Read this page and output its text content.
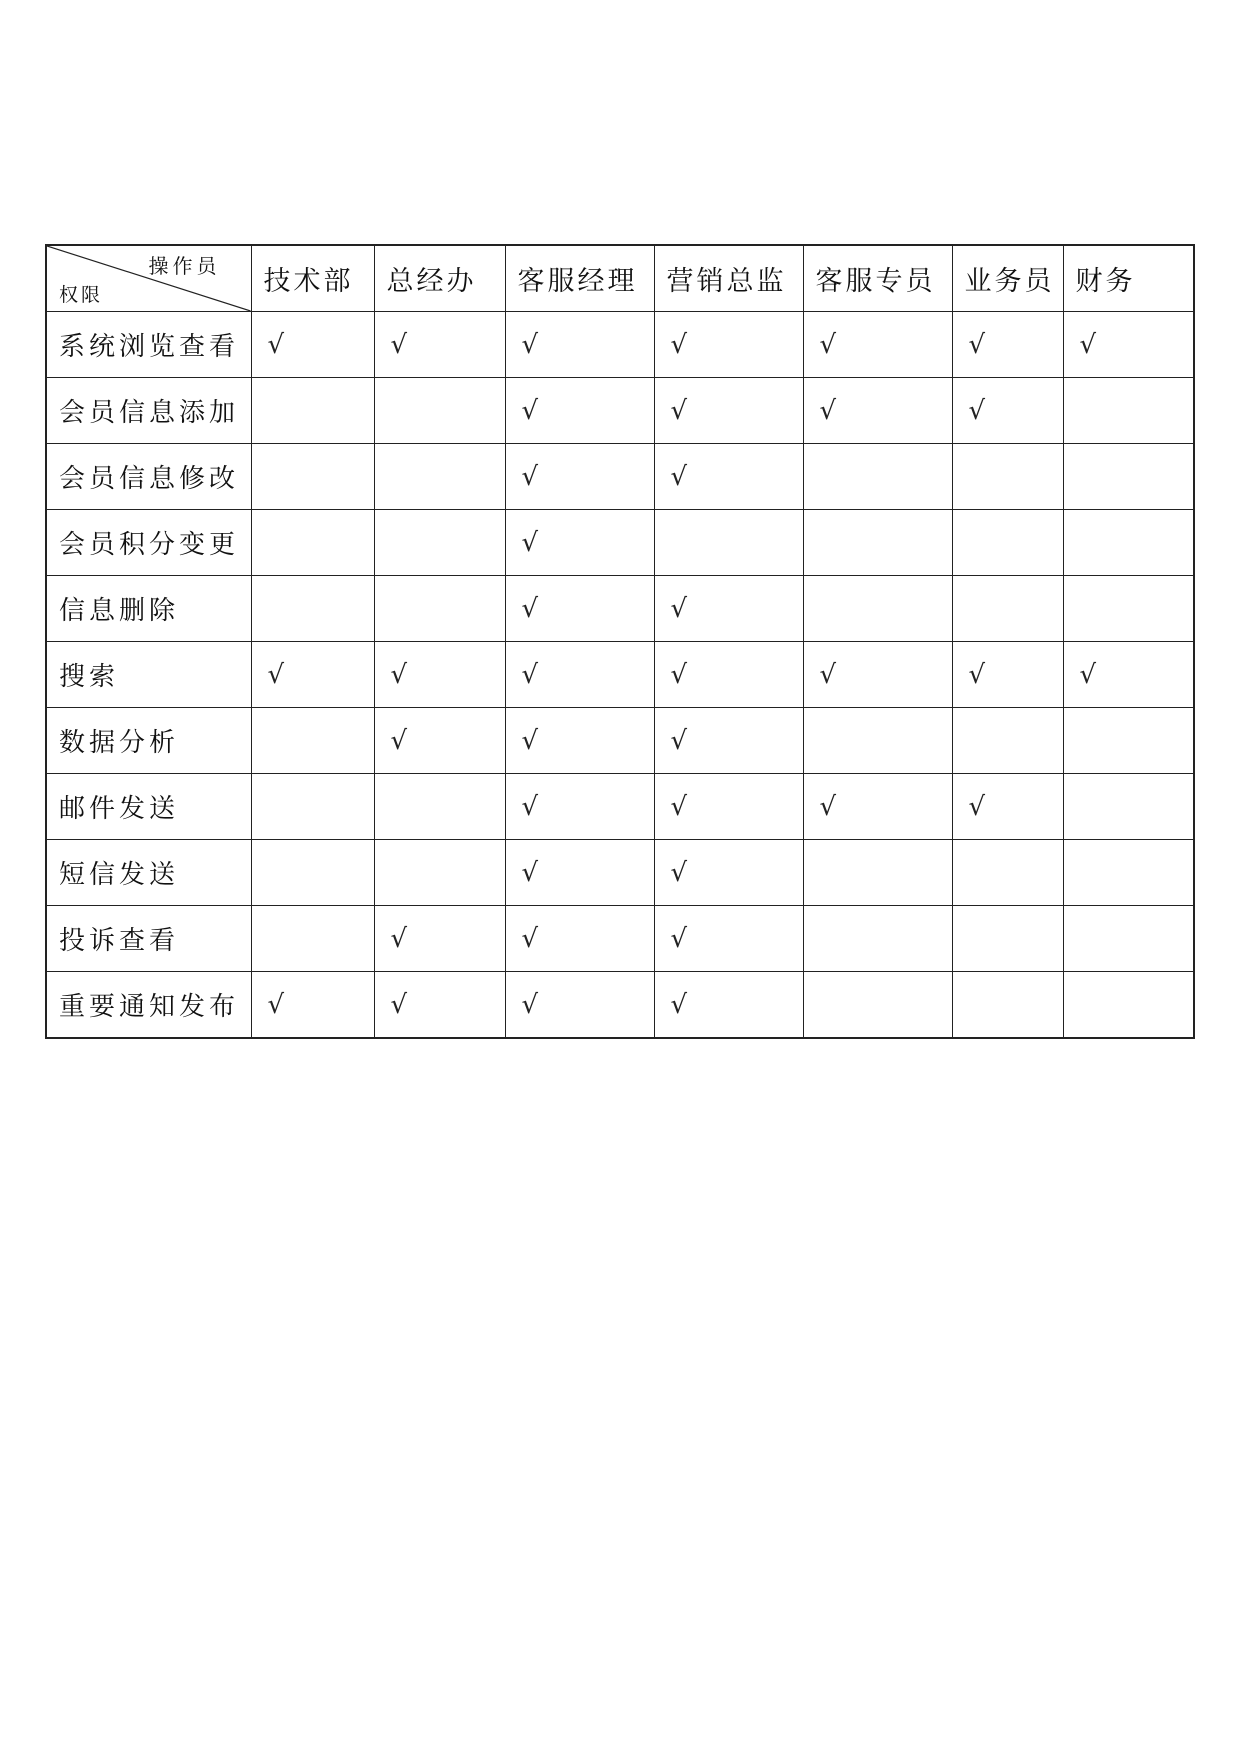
操作员
权限	技术部	总经办	客服经理	营销总监	客服专员	业务员	财务
系统浏览查看	√	√	√	√	√	√	√
会员信息添加			√	√	√	√	
会员信息修改			√	√			
会员积分变更			√				
信息删除			√	√			
搜索	√	√	√	√	√	√	√
数据分析		√	√	√			
邮件发送			√	√	√	√	
短信发送			√	√			
投诉查看		√	√	√			
重要通知发布	√	√	√	√			
